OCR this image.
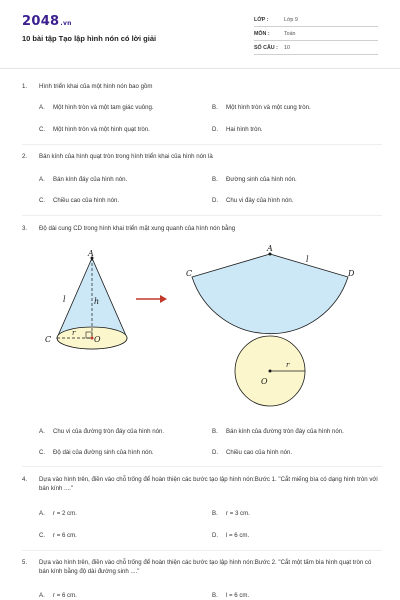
2048.vn
10 bài tập Tạo lập hình nón có lời giải
LỚP :	Lớp 9
MÔN :	Toán
SỐ CÂU : 10
1. Hình triển khai của một hình nón bao gồm
A. Một hình tròn và một tam giác vuông.	B. Một hình tròn và một cung tròn.
C. Một hình tròn và một hình quạt tròn.	D. Hai hình tròn.
2. Bán kính của hình quạt tròn trong hình triển khai của hình nón là
A. Bán kính đáy của hình nón.	B. Đường sinh của hình nón.
C. Chiều cao của hình nón.	D. Chu vi đáy của hình nón.
3. Độ dài cung CD trong hình khai triển mặt xung quanh của hình nón bằng
A
l	h
C
r
O
A
l
C	D
r
O
A. Chu vi của đường tròn đáy của hình nón.	B. Bán kính của đường tròn đáy của hình nón.
C. Độ dài của đường sinh của hình nón.	D. Chiều cao của hình nón.
4. Dựa vào hình trên, điền vào chỗ trống để hoàn thiện các bước tạo lập hình nón:Bước 1. "Cắt miếng bìa có dạng hình tròn với bán kính ...."
A. r = 2 cm.	B. r = 3 cm.
C. r = 6 cm.	D. l = 6 cm.
5. Dựa vào hình trên, điền vào chỗ trống để hoàn thiện các bước tạo lập hình nón:Bước 2. "Cắt một tấm bìa hình quạt tròn có bán kính bằng độ dài đường sinh ...."
A. r = 6 cm.	B. l = 6 cm.
